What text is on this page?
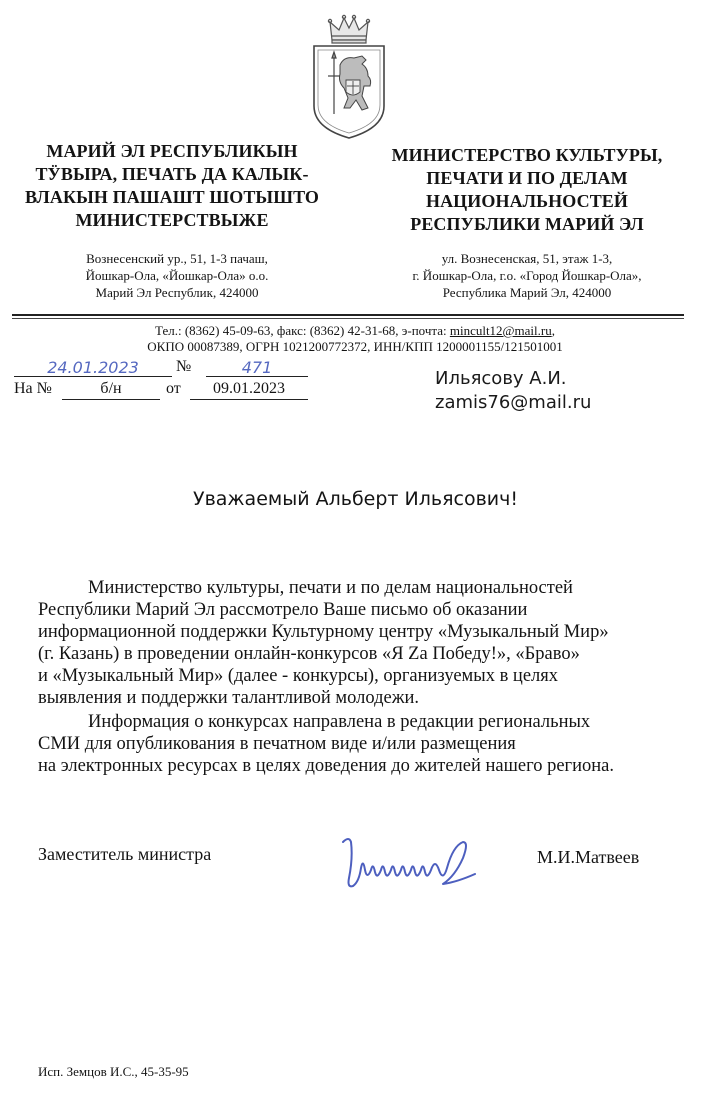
МАРИЙ ЭЛ РЕСПУБЛИКЫН
ТӰВЫРА, ПЕЧАТЬ ДА КАЛЫК-
ВЛАКЫН ПАШАШТ ШОТЫШТО
МИНИСТЕРСТВЫЖЕ
МИНИСТЕРСТВО КУЛЬТУРЫ,
ПЕЧАТИ И ПО ДЕЛАМ
НАЦИОНАЛЬНОСТЕЙ
РЕСПУБЛИКИ МАРИЙ ЭЛ
Вознесенский ур., 51, 1-3 пачаш,
Йошкар-Ола, «Йошкар-Ола» о.о.
Марий Эл Республик, 424000
ул. Вознесенская, 51, этаж 1-3,
г. Йошкар-Ола, г.о. «Город Йошкар-Ола»,
Республика Марий Эл, 424000
Тел.: (8362) 45-09-63, факс: (8362) 42-31-68, э-почта: mincult12@mail.ru,
ОКПО 00087389, ОГРН 1021200772372, ИНН/КПП 1200001155/121501001
24.01.2023	№	471
На №	б/н	от	09.01.2023	Ильясову А.И.
zamis76@mail.ru
Уважаемый Альберт Ильясович!
Министерство культуры, печати и по делам национальностей
Республики Марий Эл рассмотрело Ваше письмо об оказании
информационной поддержки Культурному центру «Музыкальный Мир»
(г. Казань) в проведении онлайн-конкурсов «Я Zа Победу!», «Браво»
и «Музыкальный Мир» (далее - конкурсы), организуемых в целях
выявления и поддержки талантливой молодежи.
Информация о конкурсах направлена в редакции региональных
СМИ для опубликования в печатном виде и/или размещения
на электронных ресурсах в целях доведения до жителей нашего региона.
Заместитель министра	М.И.Матвеев
Исп. Земцов И.С., 45-35-95
